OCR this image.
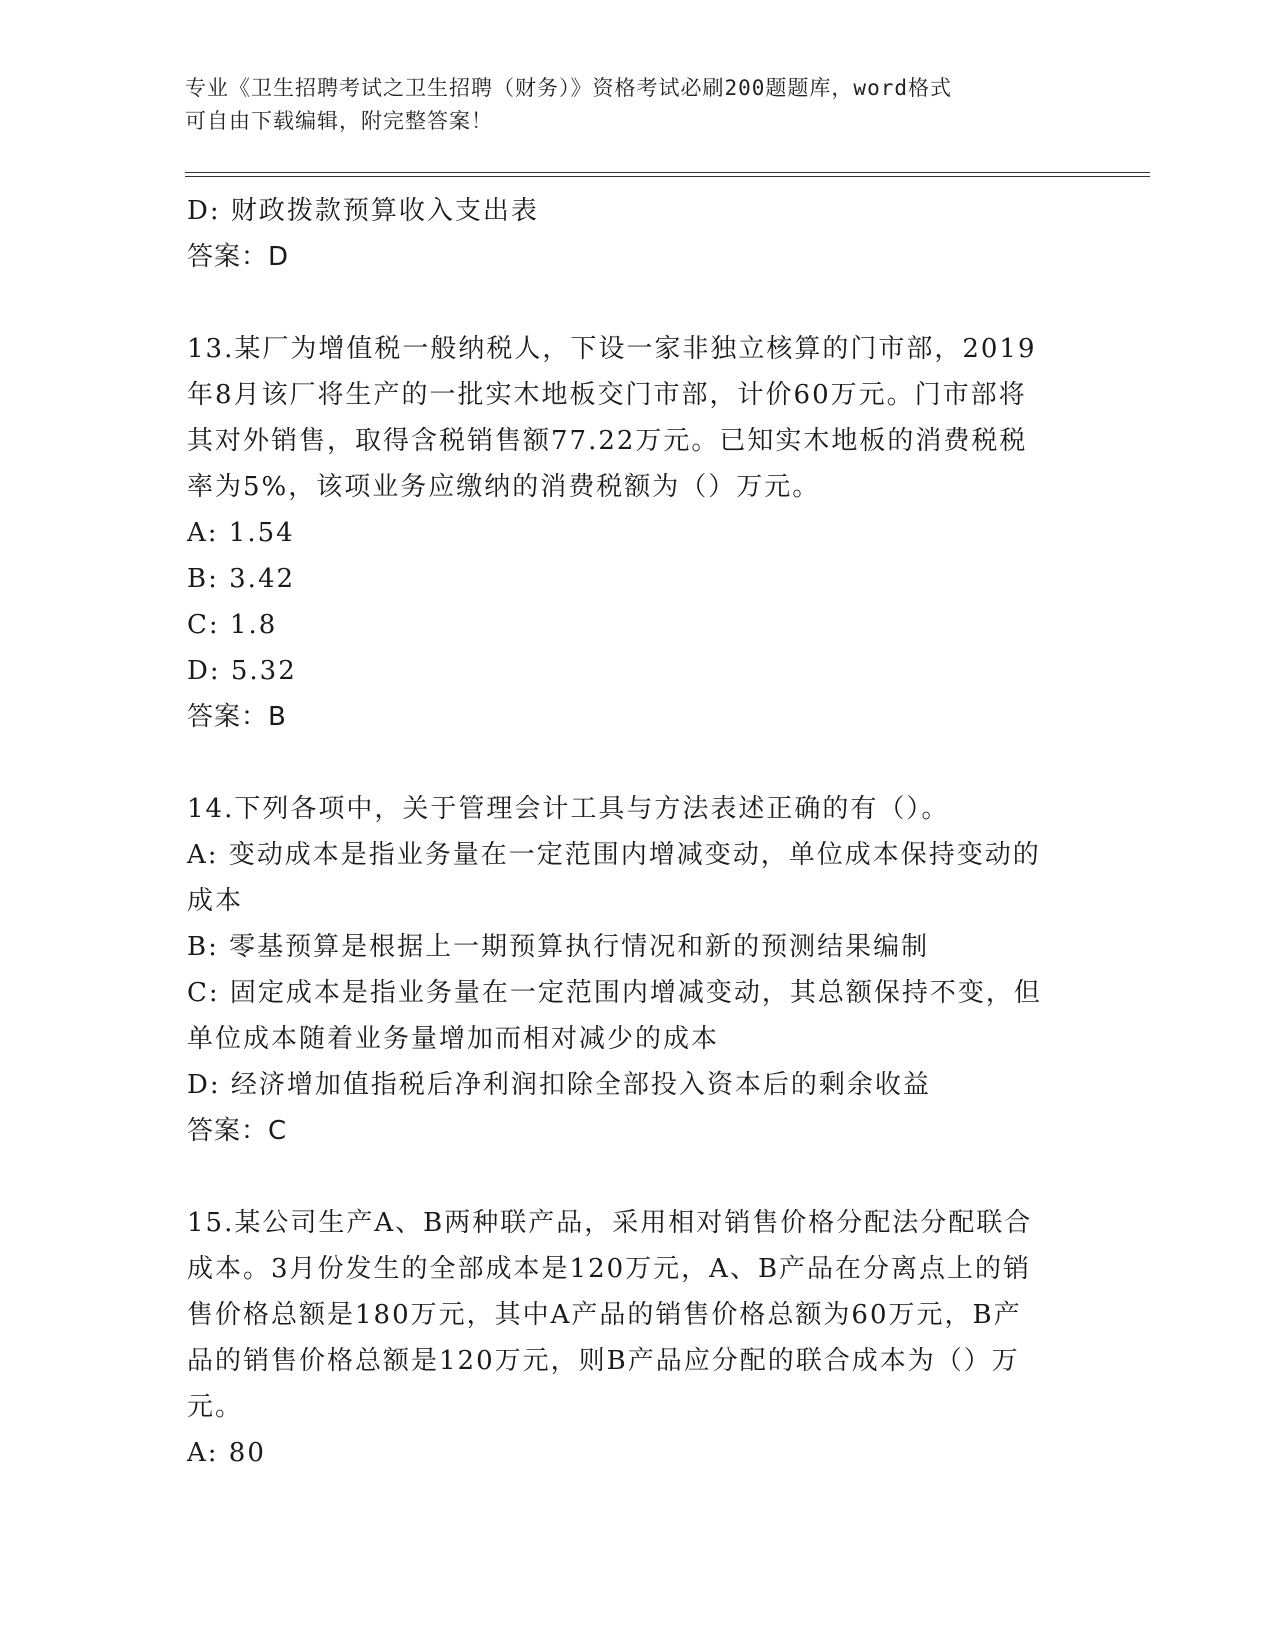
专业《卫生招聘考试之卫生招聘（财务）》资格考试必刷200题题库，word格式
可自由下载编辑，附完整答案！

D: 财政拨款预算收入支出表

答案：D

13.某厂为增值税一般纳税人，下设一家非独立核算的门市部，2019

年8月该厂将生产的一批实木地板交门市部，计价60万元。门市部将

其对外销售，取得含税销售额77.22万元。已知实木地板的消费税税

率为5%，该项业务应缴纳的消费税额为（）万元。

A: 1.54

B: 3.42

C: 1.8

D: 5.32

答案：B

14.下列各项中，关于管理会计工具与方法表述正确的有（）。

A: 变动成本是指业务量在一定范围内增减变动，单位成本保持变动的

成本

B: 零基预算是根据上一期预算执行情况和新的预测结果编制

C: 固定成本是指业务量在一定范围内增减变动，其总额保持不变，但

单位成本随着业务量增加而相对减少的成本

D: 经济增加值指税后净利润扣除全部投入资本后的剩余收益

答案：C

15.某公司生产A、B两种联产品，采用相对销售价格分配法分配联合

成本。3月份发生的全部成本是120万元，A、B产品在分离点上的销

售价格总额是180万元，其中A产品的销售价格总额为60万元，B产

品的销售价格总额是120万元，则B产品应分配的联合成本为（）万

元。

A: 80
